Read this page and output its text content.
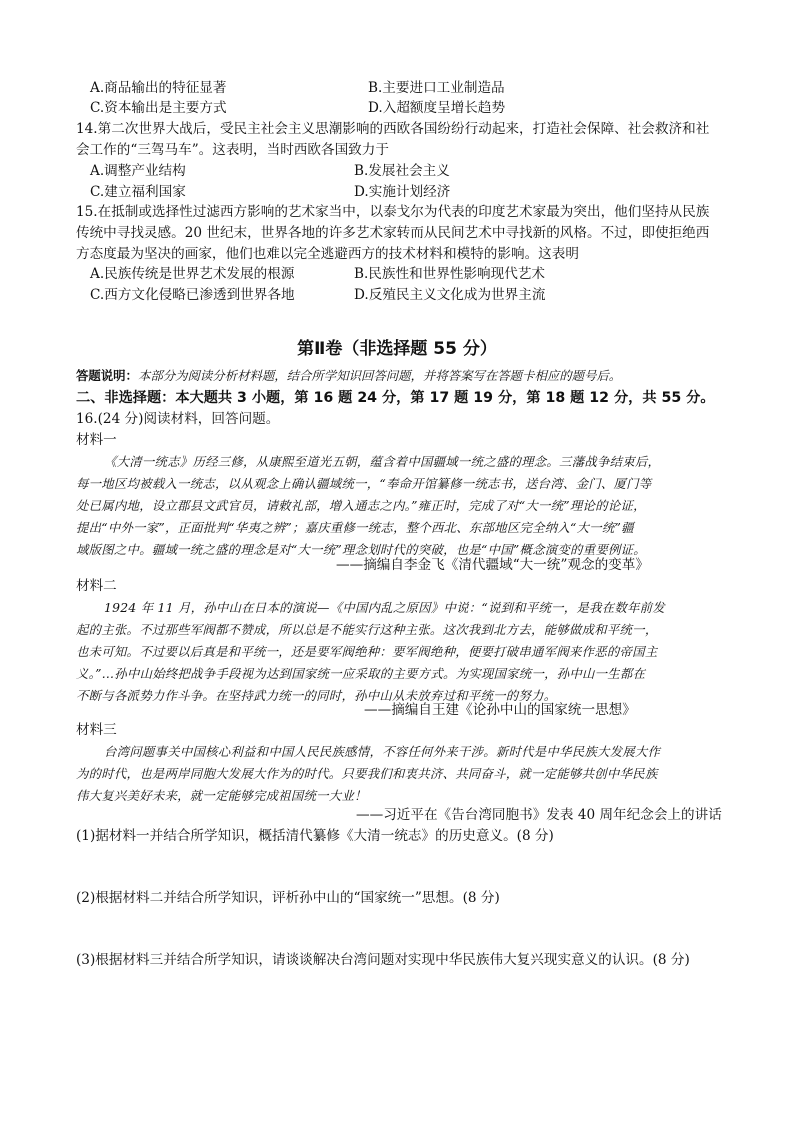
A.商品输出的特征显著	B.主要进口工业制造品
C.资本输出是主要方式	D.入超额度呈增长趋势
14.第二次世界大战后，受民主社会主义思潮影响的西欧各国纷纷行动起来，打造社会保障、社会救济和社
会工作的“三驾马车”。这表明，当时西欧各国致力于
A.调整产业结构	B.发展社会主义
C.建立福利国家	D.实施计划经济
15.在抵制或选择性过滤西方影响的艺术家当中，以泰戈尔为代表的印度艺术家最为突出，他们坚持从民族
传统中寻找灵感。20 世纪末，世界各地的许多艺术家转而从民间艺术中寻找新的风格。不过，即使拒绝西
方态度最为坚决的画家，他们也难以完全逃避西方的技术材料和模特的影响。这表明
A.民族传统是世界艺术发展的根源	B.民族性和世界性影响现代艺术
C.西方文化侵略已渗透到世界各地	D.反殖民主义文化成为世界主流
第Ⅱ卷（非选择题 55 分）
答题说明：本部分为阅读分析材料题，结合所学知识回答问题，并将答案写在答题卡相应的题号后。
二、非选择题：本大题共 3 小题，第 16 题 24 分，第 17 题 19 分，第 18 题 12 分，共 55 分。
16.(24 分)阅读材料，回答问题。
材料一
《大清一统志》历经三修，从康熙至道光五朝，蕴含着中国疆域一统之盛的理念。三藩战争结束后，
每一地区均被载入一统志，以从观念上确认疆域统一，“奉命开馆纂修一统志书，送台湾、金门、厦门等
处已属内地，设立郡县文武官员，请敕礼部，增入通志之内。”雍正时，完成了对“大一统”理论的论证，
提出“中外一家”，正面批判“华夷之辨”；嘉庆重修一统志，整个西北、东部地区完全纳入“大一统”疆
域版图之中。疆域一统之盛的理念是对“大一统”理念划时代的突破，也是“中国”概念演变的重要例证。
——摘编自李金飞《清代疆域“大一统”观念的变革》
材料二
1924 年 11 月，孙中山在日本的演说—《中国内乱之原因》中说：“说到和平统一，是我在数年前发
起的主张。不过那些军阀都不赞成，所以总是不能实行这种主张。这次我到北方去，能够做成和平统一，
也未可知。不过要以后真是和平统一，还是要军阀绝种：要军阀绝种，便要打破串通军阀来作恶的帝国主
义。”…孙中山始终把战争手段视为达到国家统一应采取的主要方式。为实现国家统一，孙中山一生都在
不断与各派势力作斗争。在坚持武力统一的同时，孙中山从未放弃过和平统一的努力。
——摘编自王建《论孙中山的国家统一思想》
材料三
台湾问题事关中国核心利益和中国人民民族感情，不容任何外来干涉。新时代是中华民族大发展大作
为的时代，也是两岸同胞大发展大作为的时代。只要我们和衷共济、共同奋斗，就一定能够共创中华民族
伟大复兴美好未来，就一定能够完成祖国统一大业！
——习近平在《告台湾同胞书》发表 40 周年纪念会上的讲话
(1)据材料一并结合所学知识，概括清代纂修《大清一统志》的历史意义。(8 分)
(2)根据材料二并结合所学知识，评析孙中山的“国家统一”思想。(8 分)
(3)根据材料三并结合所学知识，请谈谈解决台湾问题对实现中华民族伟大复兴现实意义的认识。(8 分)
